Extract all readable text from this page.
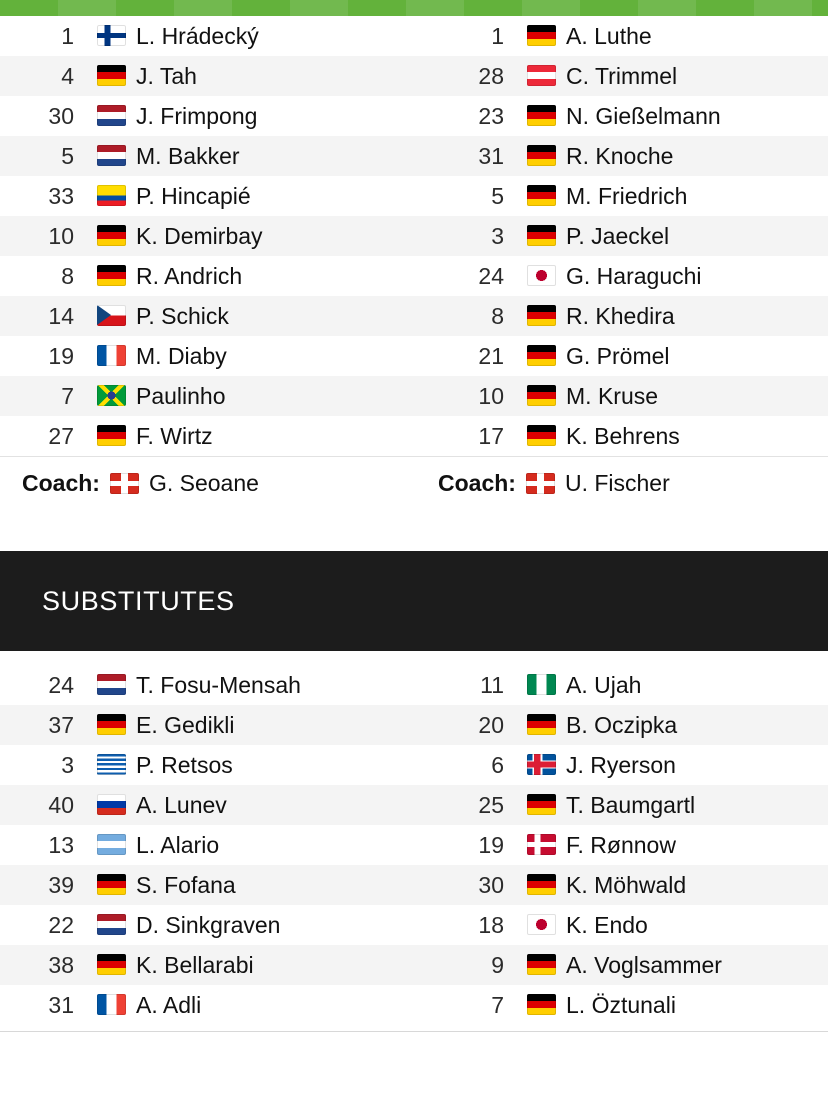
1		L. Hrádecký	1		A. Luthe
4		J. Tah	28		C. Trimmel
30		J. Frimpong	23		N. Gießelmann
5		M. Bakker	31		R. Knoche
33		P. Hincapié	5		M. Friedrich
10		K. Demirbay	3		P. Jaeckel
8		R. Andrich	24		G. Haraguchi
14		P. Schick	8		R. Khedira
19		M. Diaby	21		G. Prömel
7		Paulinho	10		M. Kruse
27		F. Wirtz	17		K. Behrens
Coach: G. Seoane			Coach: U. Fischer		
SUBSTITUTES
24		T. Fosu-Mensah	11		A. Ujah
37		E. Gedikli	20		B. Oczipka
3		P. Retsos	6		J. Ryerson
40		A. Lunev	25		T. Baumgartl
13		L. Alario	19		F. Rønnow
39		S. Fofana	30		K. Möhwald
22		D. Sinkgraven	18		K. Endo
38		K. Bellarabi	9		A. Voglsammer
31		A. Adli	7		L. Öztunali
